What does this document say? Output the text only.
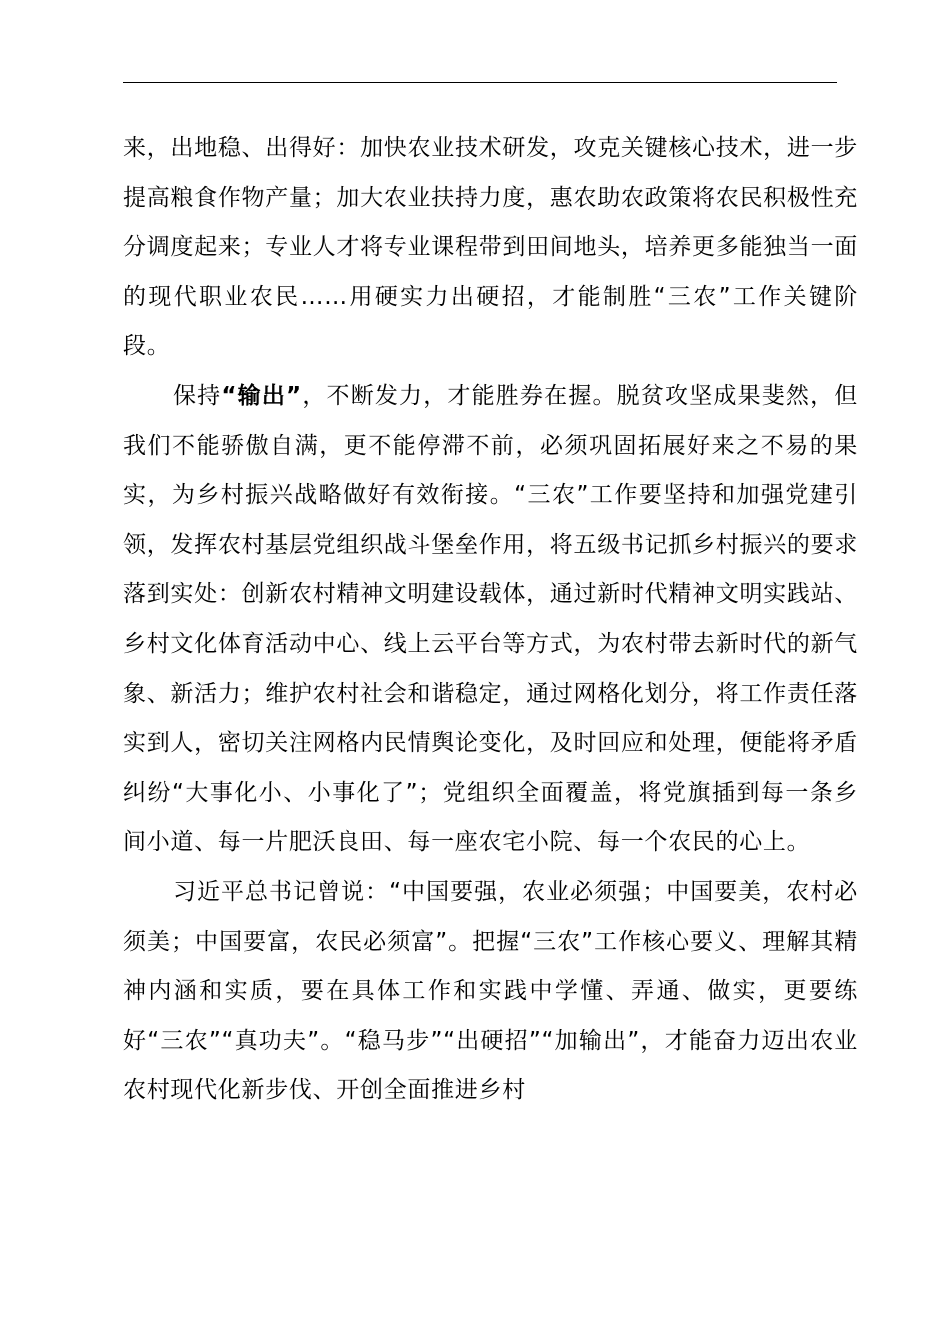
来，出地稳、出得好：加快农业技术研发，攻克关键核心技术，进一步提高粮食作物产量；加大农业扶持力度，惠农助农政策将农民积极性充分调度起来；专业人才将专业课程带到田间地头，培养更多能独当一面的现代职业农民……用硬实力出硬招，才能制胜“三农”工作关键阶段。

保持“输出”，不断发力，才能胜券在握。脱贫攻坚成果斐然，但我们不能骄傲自满，更不能停滞不前，必须巩固拓展好来之不易的果实，为乡村振兴战略做好有效衔接。“三农”工作要坚持和加强党建引领，发挥农村基层党组织战斗堡垒作用，将五级书记抓乡村振兴的要求落到实处：创新农村精神文明建设载体，通过新时代精神文明实践站、乡村文化体育活动中心、线上云平台等方式，为农村带去新时代的新气象、新活力；维护农村社会和谐稳定，通过网格化划分，将工作责任落实到人，密切关注网格内民情舆论变化，及时回应和处理，便能将矛盾纠纷“大事化小、小事化了”；党组织全面覆盖，将党旗插到每一条乡间小道、每一片肥沃良田、每一座农宅小院、每一个农民的心上。

习近平总书记曾说：“中国要强，农业必须强；中国要美，农村必须美；中国要富，农民必须富”。把握“三农”工作核心要义、理解其精神内涵和实质，要在具体工作和实践中学懂、弄通、做实，更要练好“三农”“真功夫”。“稳马步”“出硬招”“加输出”，才能奋力迈出农业农村现代化新步伐、开创全面推进乡村
